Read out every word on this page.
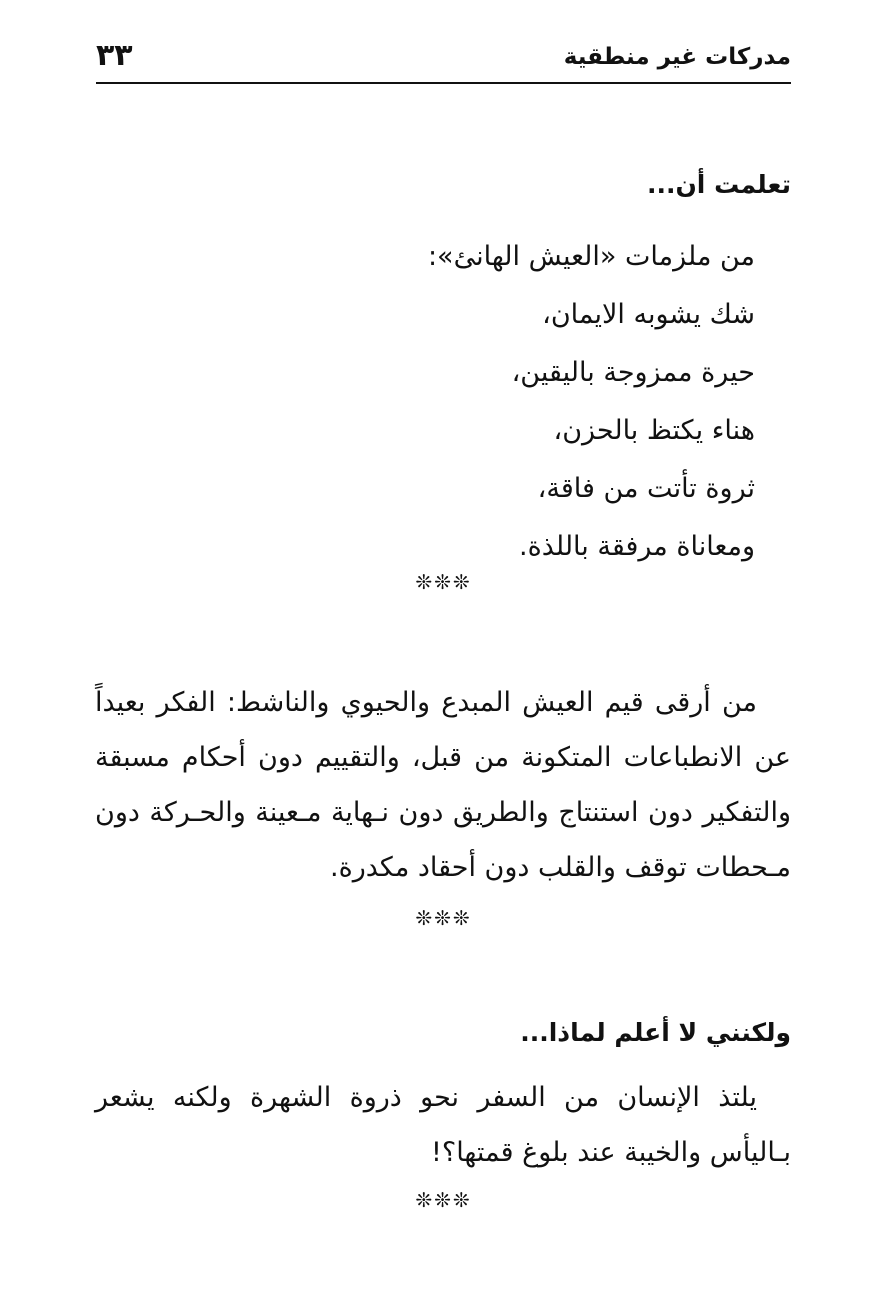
مدركات غير منطقية
٣٣
تعلمت أن...
من ملزمات «العيش الهانئ»:
شك يشوبه الايمان،
حيرة ممزوجة باليقين،
هناء يكتظ بالحزن،
ثروة تأتت من فاقة،
ومعاناة مرفقة باللذة.
❊❊❊

من أرقى قيم العيش المبدع والحيوي والناشط: الفكر بعيداً عن الانطباعات المتكونة من قبل، والتقييم دون أحكام مسبقة والتفكير دون استنتاج والطريق دون نـهاية مـعينة والحـركة دون مـحطات توقف والقلب دون أحقاد مكدرة.

❊❊❊
ولكنني لا أعلم لماذا...

يلتذ الإنسان من السفر نحو ذروة الشهرة ولكنه يشعر بـاليأس والخيبة عند بلوغ قمتها؟!

❊❊❊
